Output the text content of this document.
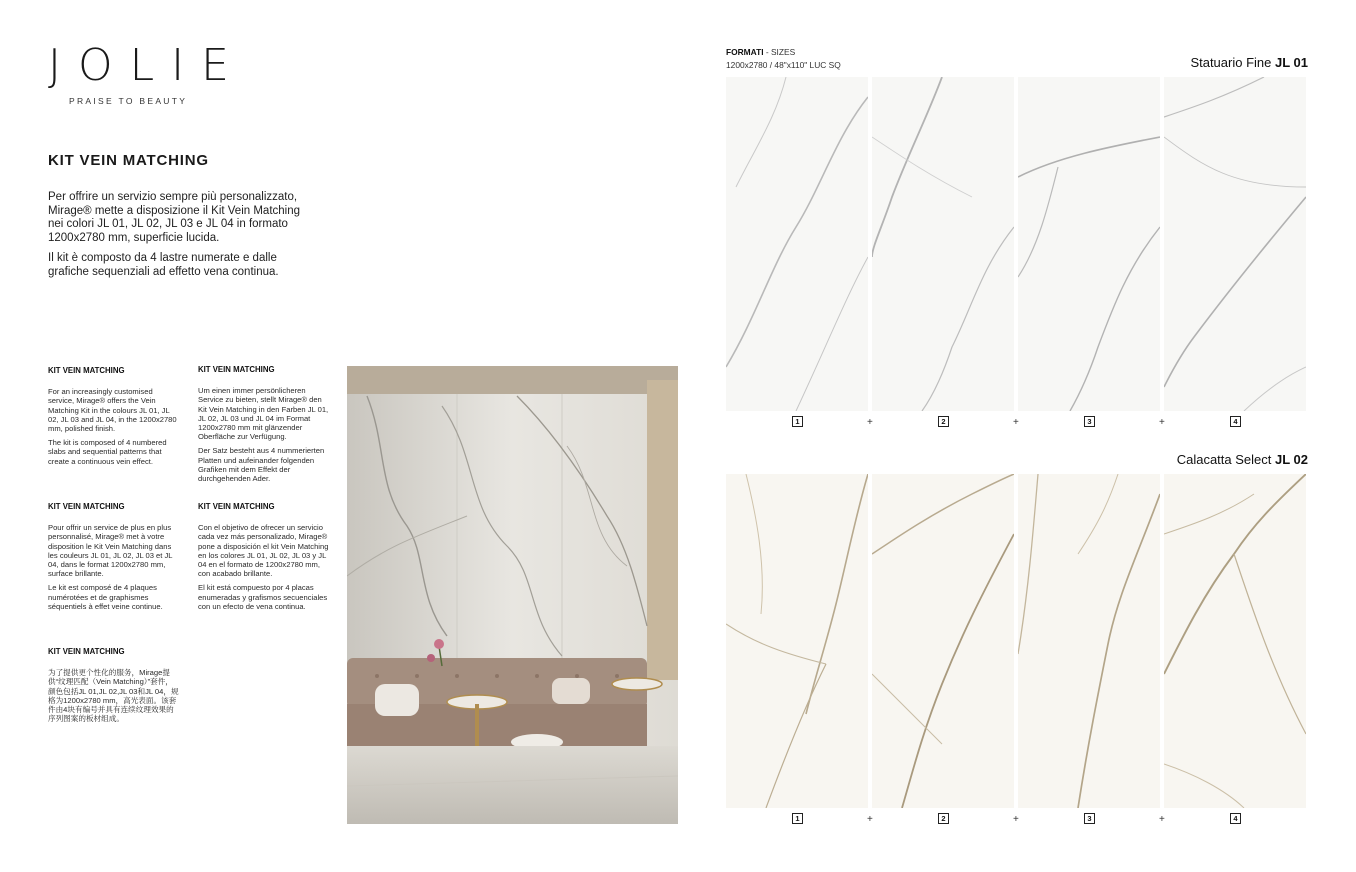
JOLIE
PRAISE TO BEAUTY
KIT VEIN MATCHING

Per offrire un servizio sempre più personalizzato, Mirage® mette a disposizione il Kit Vein Matching nei colori JL 01, JL 02, JL 03 e JL 04 in formato 1200x2780 mm, superficie lucida.

Il kit è composto da 4 lastre numerate e dalle grafiche sequenziali ad effetto vena continua.

KIT VEIN MATCHING

For an increasingly customised service, Mirage® offers the Vein Matching Kit in the colours JL 01, JL 02, JL 03 and JL 04, in the 1200x2780 mm, polished finish.

The kit is composed of 4 numbered slabs and sequential patterns that create a continuous vein effect.

KIT VEIN MATCHING

Um einen immer persönlicheren Service zu bieten, stellt Mirage® den Kit Vein Matching in den Farben JL 01, JL 02, JL 03 und JL 04 im Format 1200x2780 mm mit glänzender Oberfläche zur Verfügung.

Der Satz besteht aus 4 nummerierten Platten und aufeinander folgenden Grafiken mit dem Effekt der durchgehenden Ader.

KIT VEIN MATCHING

Pour offrir un service de plus en plus personnalisé, Mirage® met à votre disposition le Kit Vein Matching dans les couleurs JL 01, JL 02, JL 03 et JL 04, dans le format 1200x2780 mm, surface brillante.

Le kit est composé de 4 plaques numérotées et de graphismes séquentiels à effet veine continue.

KIT VEIN MATCHING

Con el objetivo de ofrecer un servicio cada vez más personalizado, Mirage® pone a disposición el kit Vein Matching en los colores JL 01, JL 02, JL 03 y JL 04 en el formato de 1200x2780 mm, con acabado brillante.

El kit está compuesto por 4 placas enumeradas y grafismos secuenciales con un efecto de vena continua.

KIT VEIN MATCHING

为了提供更个性化的服务，Mirage提供“纹理匹配（Vein Matching）”套件，颜色包括JL 01,JL 02,JL 03和JL 04，规格为1200x2780 mm，高光表面。该套件由4块有编号并具有连续纹理效果的序列图案的板材组成。

FORMATI - SIZES
1200x2780 / 48"x110" LUC SQ	Statuario Fine JL 01
1	+	2	+	3	+	4
Calacatta Select JL 02
1	+	2	+	3	+	4
